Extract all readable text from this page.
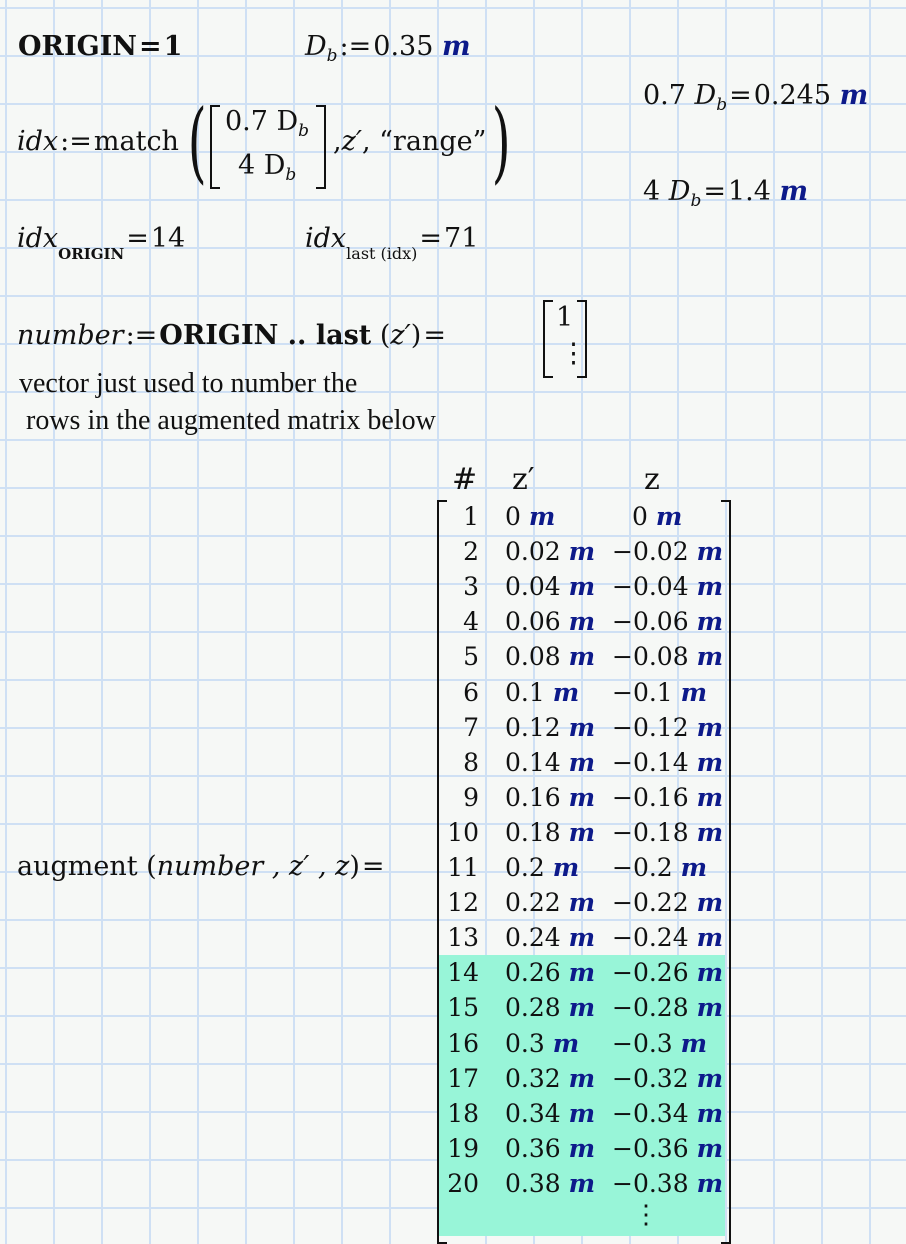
ORIGIN=1	$D_b:=0.35$ m
0.7 $D_b=0.245$ m
4 $D_b=1.4$ m
idx:=match ( 0.7 $D_b$
4 $D_b$
,z′, “range” )
idx$_{ORIGIN}$=14	idx$_{last (idx)}$=71
number:=ORIGIN .. last (z′)=
1
⋮
vector just used to number the
rows in the augmented matrix below
augment (number , z′ , z)=
# z′	z
1 0 m	0 m
2 0.02 m −0.02 m
3 0.04 m −0.04 m
4 0.06 m −0.06 m
5 0.08 m −0.08 m
6 0.1 m −0.1 m
7 0.12 m −0.12 m
8 0.14 m −0.14 m
9 0.16 m −0.16 m
10 0.18 m −0.18 m
11 0.2 m −0.2 m
12 0.22 m −0.22 m
13 0.24 m −0.24 m
14 0.26 m −0.26 m
15 0.28 m −0.28 m
16 0.3 m −0.3 m
17 0.32 m −0.32 m
18 0.34 m −0.34 m
19 0.36 m −0.36 m
20 0.38 m −0.38 m
⋮
